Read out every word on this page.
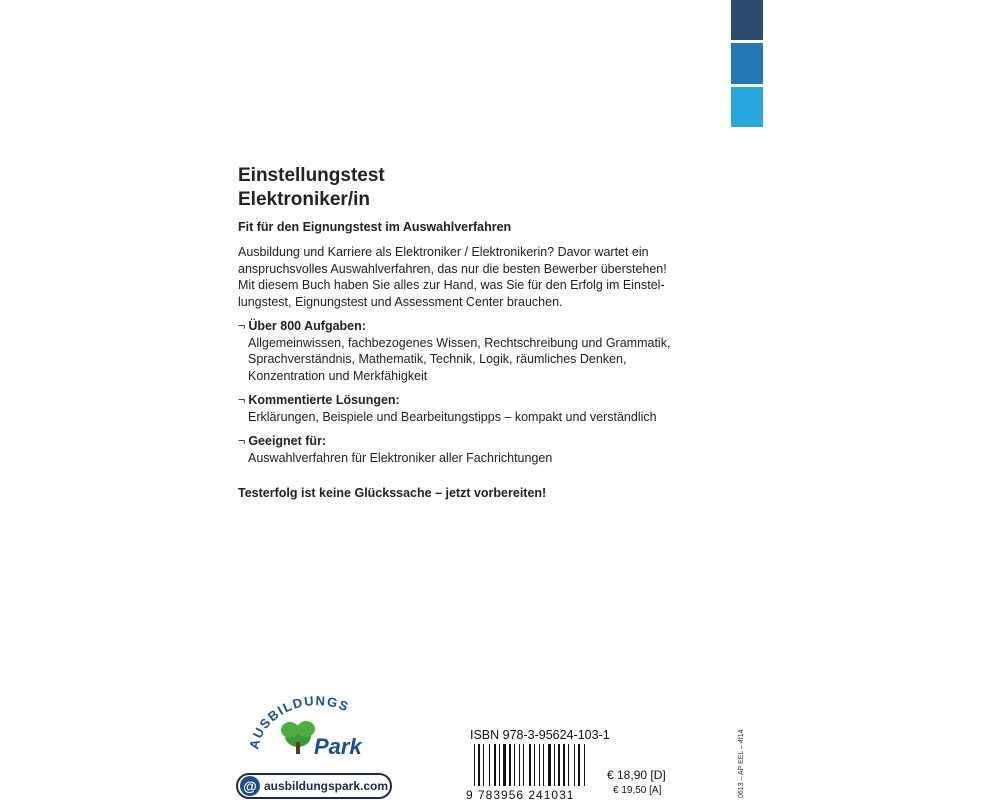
Einstellungstest
Elektroniker/in
Fit für den Eignungstest im Auswahlverfahren

Ausbildung und Karriere als Elektroniker / Elektronikerin? Davor wartet ein
anspruchsvolles Auswahlverfahren, das nur die besten Bewerber überstehen!
Mit diesem Buch haben Sie alles zur Hand, was Sie für den Erfolg im Einstel-
lungstest, Eignungstest und Assessment Center brauchen.

¬ Über 800 Aufgaben:
Allgemeinwissen, fachbezogenes Wissen, Rechtschreibung und Grammatik,
Sprachverständnis, Mathematik, Technik, Logik, räumliches Denken,
Konzentration und Merkfähigkeit
¬ Kommentierte Lösungen:
Erklärungen, Beispiele und Bearbeitungstipps – kompakt und verständlich
¬ Geeignet für:
Auswahlverfahren für Elektroniker aller Fachrichtungen
Testerfolg ist keine Glückssache – jetzt vorbereiten!
AUSBILDUNGS
Park
@ ausbildungspark.com
ISBN 978-3-95624-103-1
9 783956 241031
€ 18,90 [D]
€ 19,50 [A]	0613 – AP EEL – 4f14
